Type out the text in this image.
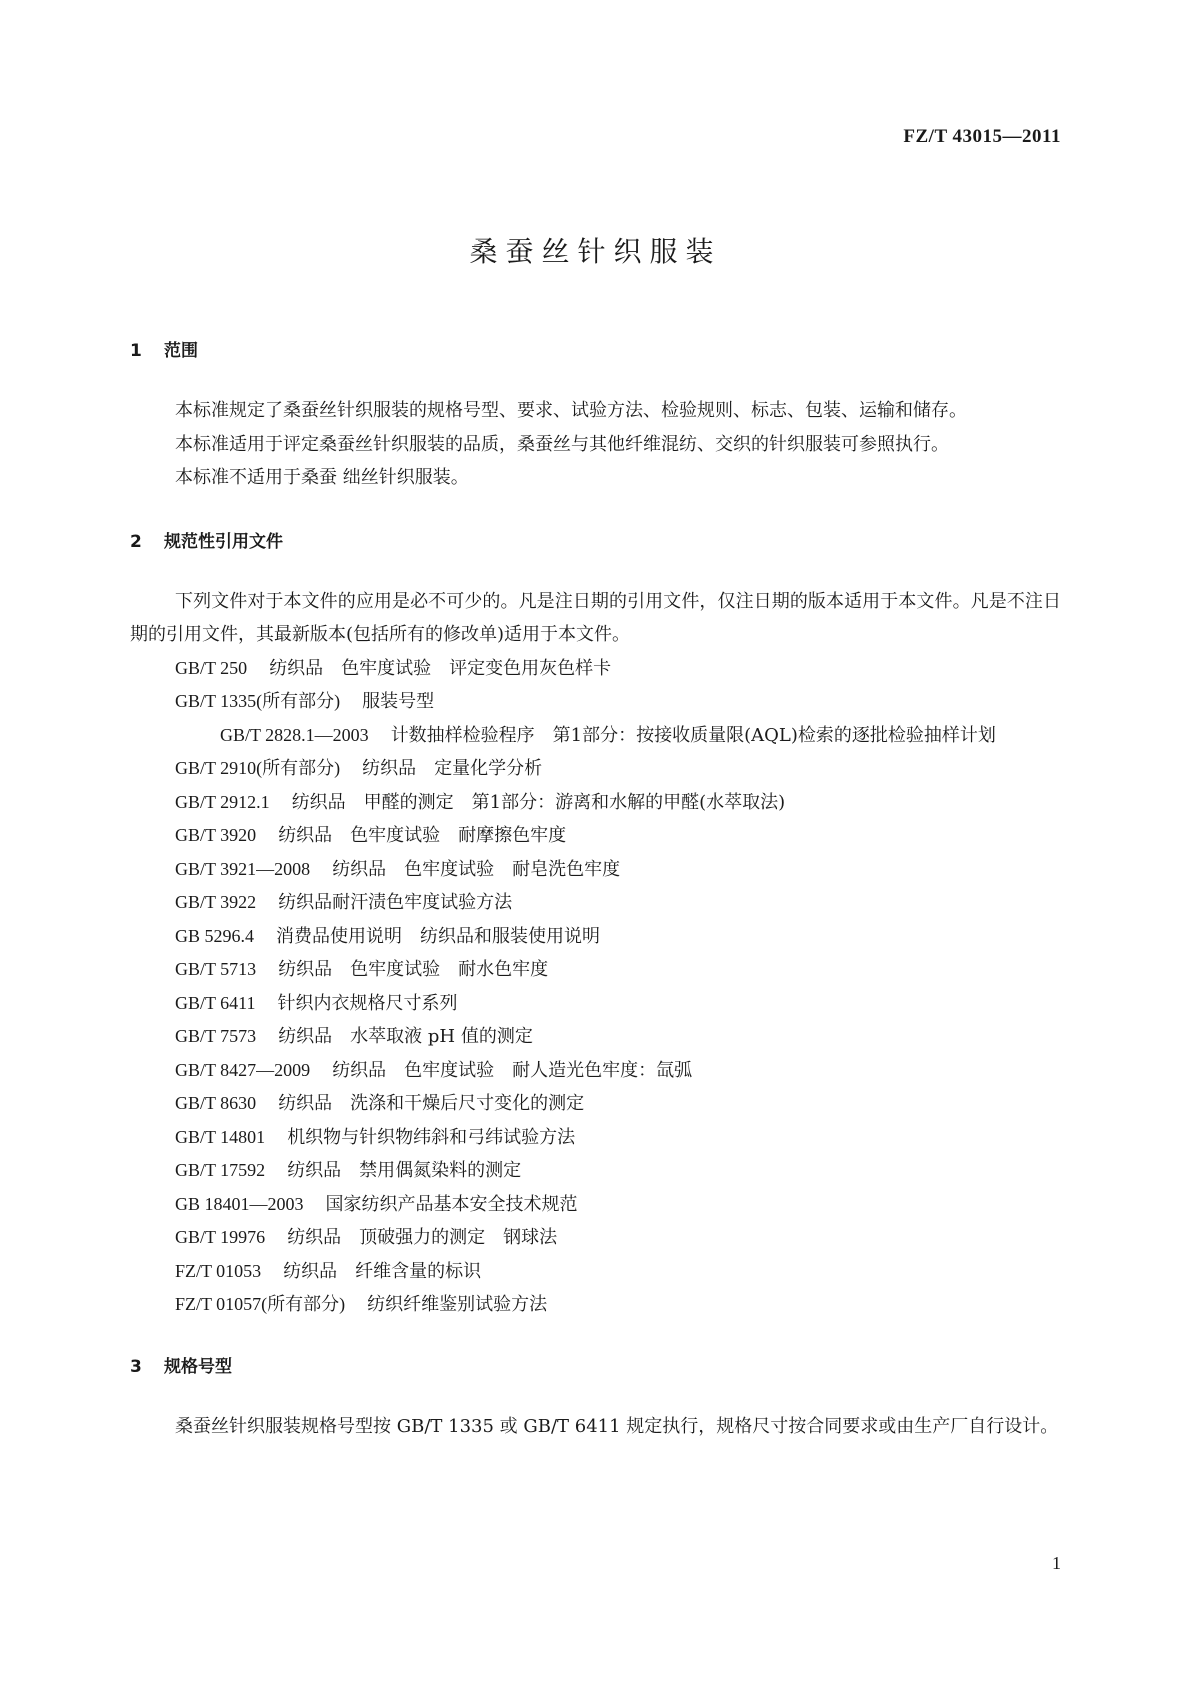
FZ/T 43015—2011
桑蚕丝针织服装
1 范围

本标准规定了桑蚕丝针织服装的规格号型、要求、试验方法、检验规则、标志、包装、运输和储存。

本标准适用于评定桑蚕丝针织服装的品质，桑蚕丝与其他纤维混纺、交织的针织服装可参照执行。

本标准不适用于桑蚕 绌丝针织服装。

2 规范性引用文件

下列文件对于本文件的应用是必不可少的。凡是注日期的引用文件，仅注日期的版本适用于本文件。凡是不注日期的引用文件，其最新版本(包括所有的修改单)适用于本文件。

GB/T 250 纺织品　色牢度试验　评定变色用灰色样卡

GB/T 1335(所有部分) 服装号型

GB/T 2828.1—2003 计数抽样检验程序　第1部分：按接收质量限(AQL)检索的逐批检验抽样计划

GB/T 2910(所有部分) 纺织品　定量化学分析

GB/T 2912.1 纺织品　甲醛的测定　第1部分：游离和水解的甲醛(水萃取法)

GB/T 3920 纺织品　色牢度试验　耐摩擦色牢度

GB/T 3921—2008 纺织品　色牢度试验　耐皂洗色牢度

GB/T 3922 纺织品耐汗渍色牢度试验方法

GB 5296.4 消费品使用说明　纺织品和服装使用说明

GB/T 5713 纺织品　色牢度试验　耐水色牢度

GB/T 6411 针织内衣规格尺寸系列

GB/T 7573 纺织品　水萃取液 pH 值的测定

GB/T 8427—2009 纺织品　色牢度试验　耐人造光色牢度：氙弧

GB/T 8630 纺织品　洗涤和干燥后尺寸变化的测定

GB/T 14801 机织物与针织物纬斜和弓纬试验方法

GB/T 17592 纺织品　禁用偶氮染料的测定

GB 18401—2003 国家纺织产品基本安全技术规范

GB/T 19976 纺织品　顶破强力的测定　钢球法

FZ/T 01053 纺织品　纤维含量的标识

FZ/T 01057(所有部分) 纺织纤维鉴别试验方法

3 规格号型

桑蚕丝针织服装规格号型按 GB/T 1335 或 GB/T 6411 规定执行，规格尺寸按合同要求或由生产厂自行设计。

1
